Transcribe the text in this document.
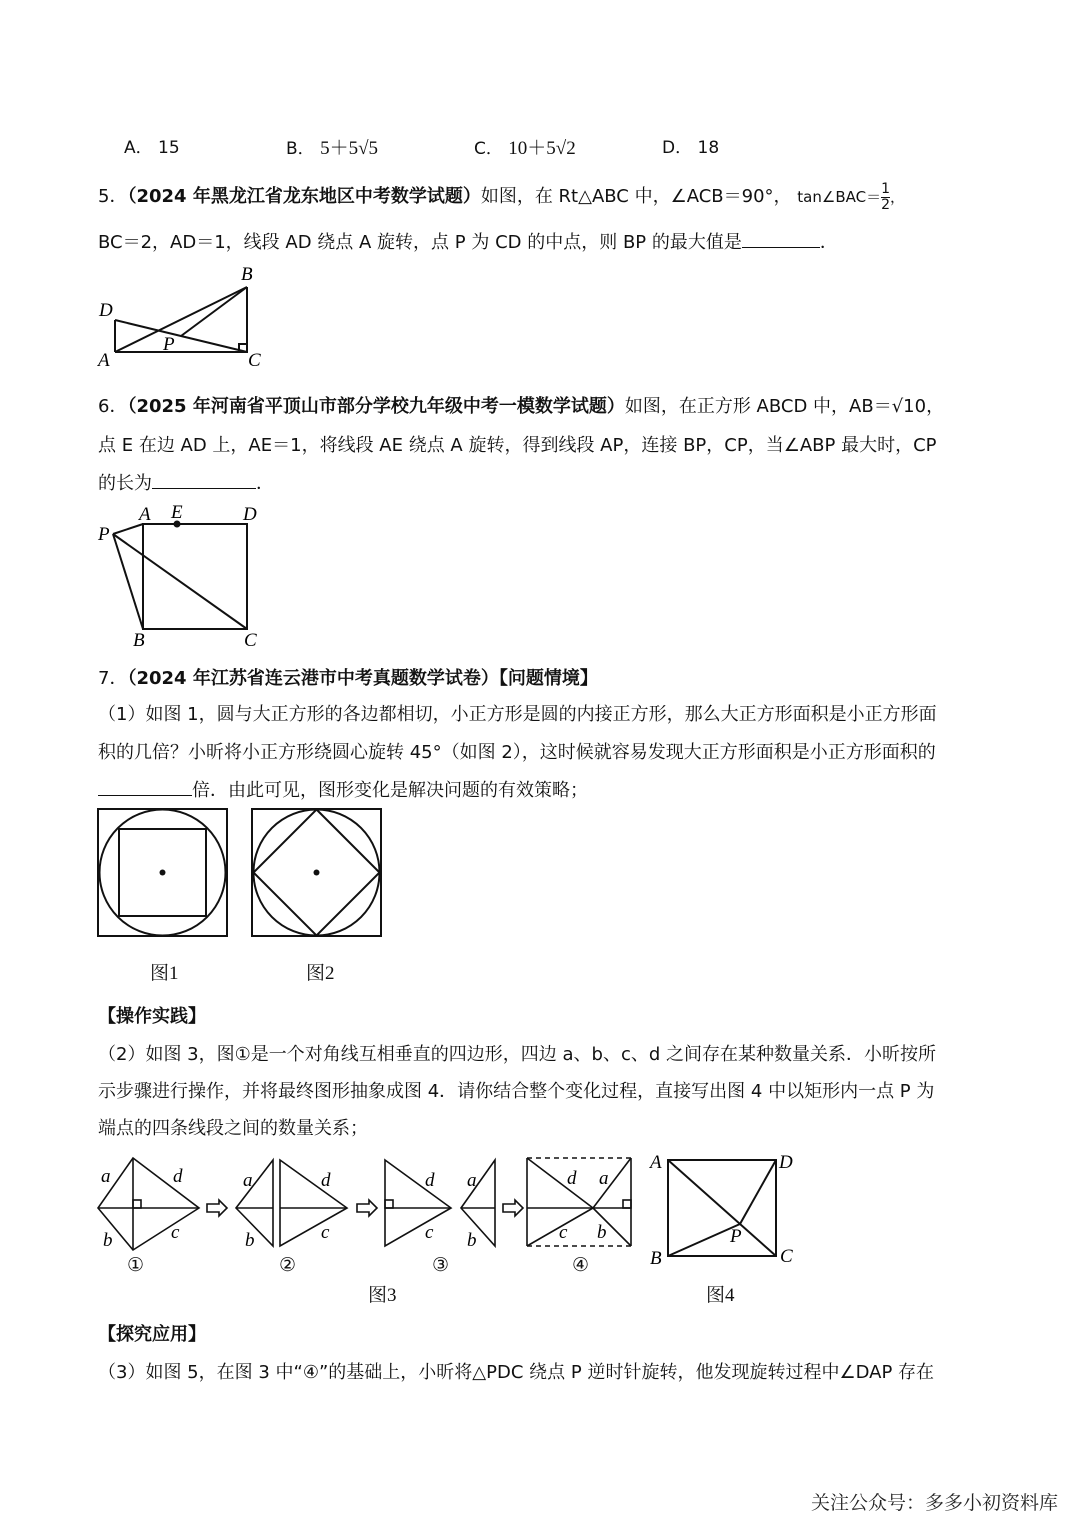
A． 15	B． 5＋5√5	C． 10＋5√2	D． 18
5．（2024 年黑龙江省龙东地区中考数学试题）如图，在 Rt△ABC 中，∠ACB＝90°， tan∠BAC＝ $\frac{1}{2}$ ，
BC＝2，AD＝1，线段 AD 绕点 A 旋转，点 P 为 CD 的中点，则 BP 的最大值是	．
A
B
C
D
P
6．（2025 年河南省平顶山市部分学校九年级中考一模数学试题）如图，在正方形 ABCD 中，AB＝√10，
点 E 在边 AD 上，AE＝1，将线段 AE 绕点 A 旋转，得到线段 AP，连接 BP，CP，当∠ABP 最大时，CP
的长为	．
A E	D
P
B	C
7．（2024 年江苏省连云港市中考真题数学试卷）【问题情境】
（1）如图 1，圆与大正方形的各边都相切，小正方形是圆的内接正方形，那么大正方形面积是小正方形面
积的几倍？小昕将小正方形绕圆心旋转 45°（如图 2），这时候就容易发现大正方形面积是小正方形面积的
倍．由此可见，图形变化是解决问题的有效策略；
图1	图2
【操作实践】
（2）如图 3，图①是一个对角线互相垂直的四边形，四边 a、b、c、d 之间存在某种数量关系．小昕按所
示步骤进行操作，并将最终图形抽象成图 4．请你结合整个变化过程，直接写出图 4 中以矩形内一点 P 为
端点的四条线段之间的数量关系；
a	d
b	c
a	d
b	c
d
c
a
b
d a
c b
①	②	③	④
图3
A	D
B	C
P
图4
【探究应用】
（3）如图 5，在图 3 中“④”的基础上，小昕将△PDC 绕点 P 逆时针旋转，他发现旋转过程中∠DAP 存在
关注公众号：多多小初资料库
